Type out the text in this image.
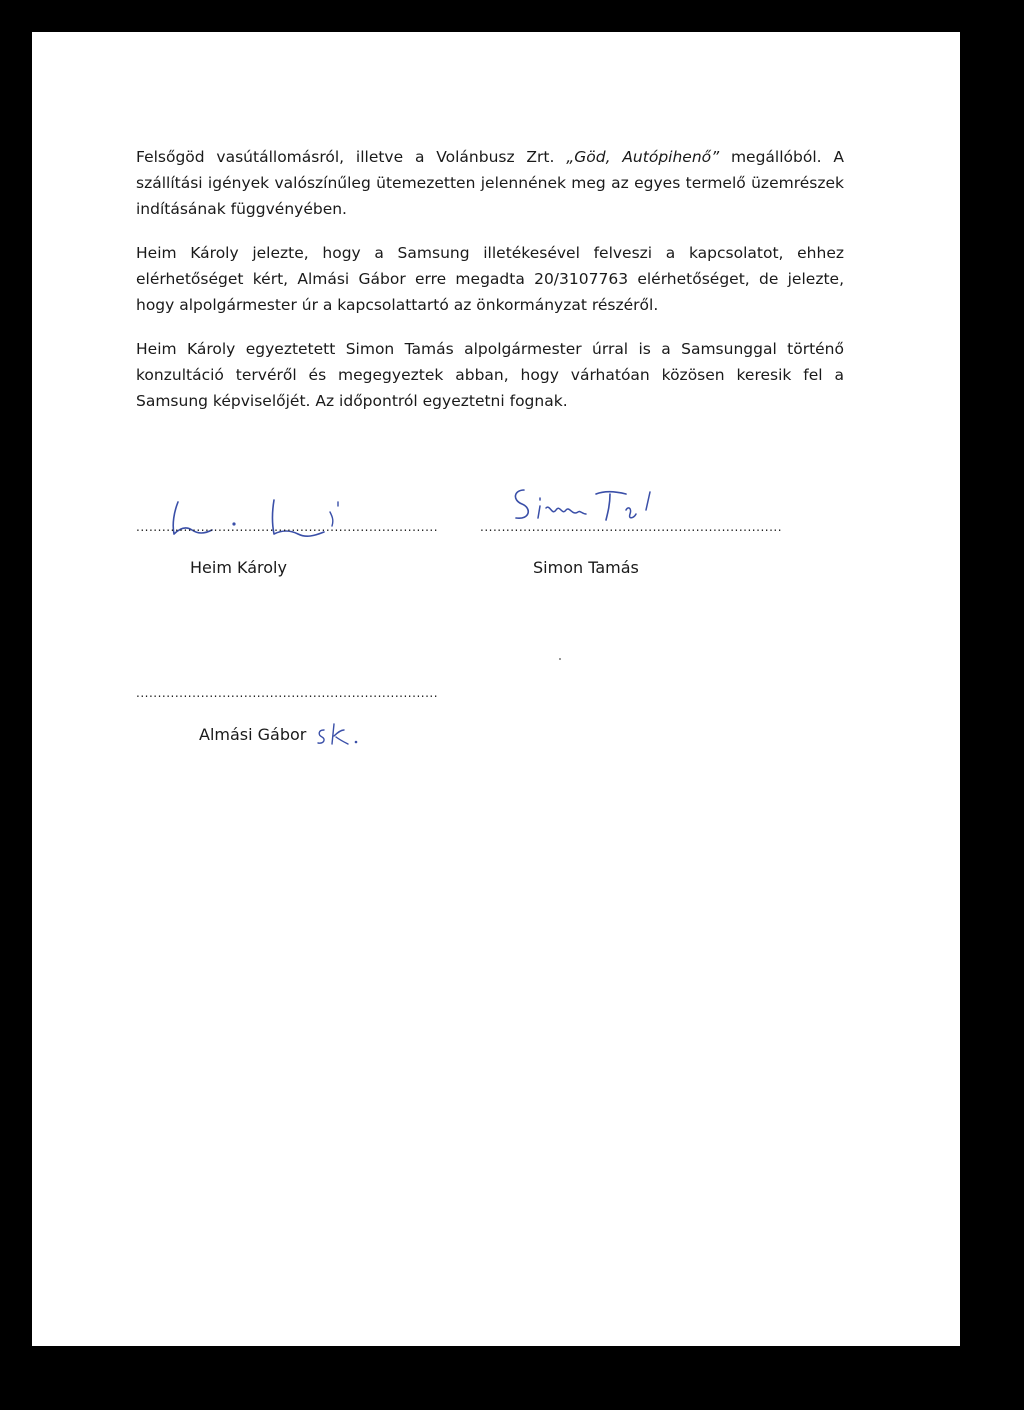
Felsőgöd vasútállomásról, illetve a Volánbusz Zrt. „Göd, Autópihenő” megállóból. A szállítási igények valószínűleg ütemezetten jelennének meg az egyes termelő üzemrészek indításának függvényében.

Heim Károly jelezte, hogy a Samsung illetékesével felveszi a kapcsolatot, ehhez elérhetőséget kért, Almási Gábor erre megadta 20/3107763 elérhetőséget, de jelezte, hogy alpolgármester úr a kapcsolattartó az önkormányzat részéről.

Heim Károly egyeztetett Simon Tamás alpolgármester úrral is a Samsunggal történő konzultáció tervéről és megegyeztek abban, hogy várhatóan közösen keresik fel a Samsung képviselőjét. Az időpontról egyeztetni fognak.

......................................................................
Heim Károly
......................................................................
Simon Tamás
......................................................................
Almási Gábor
